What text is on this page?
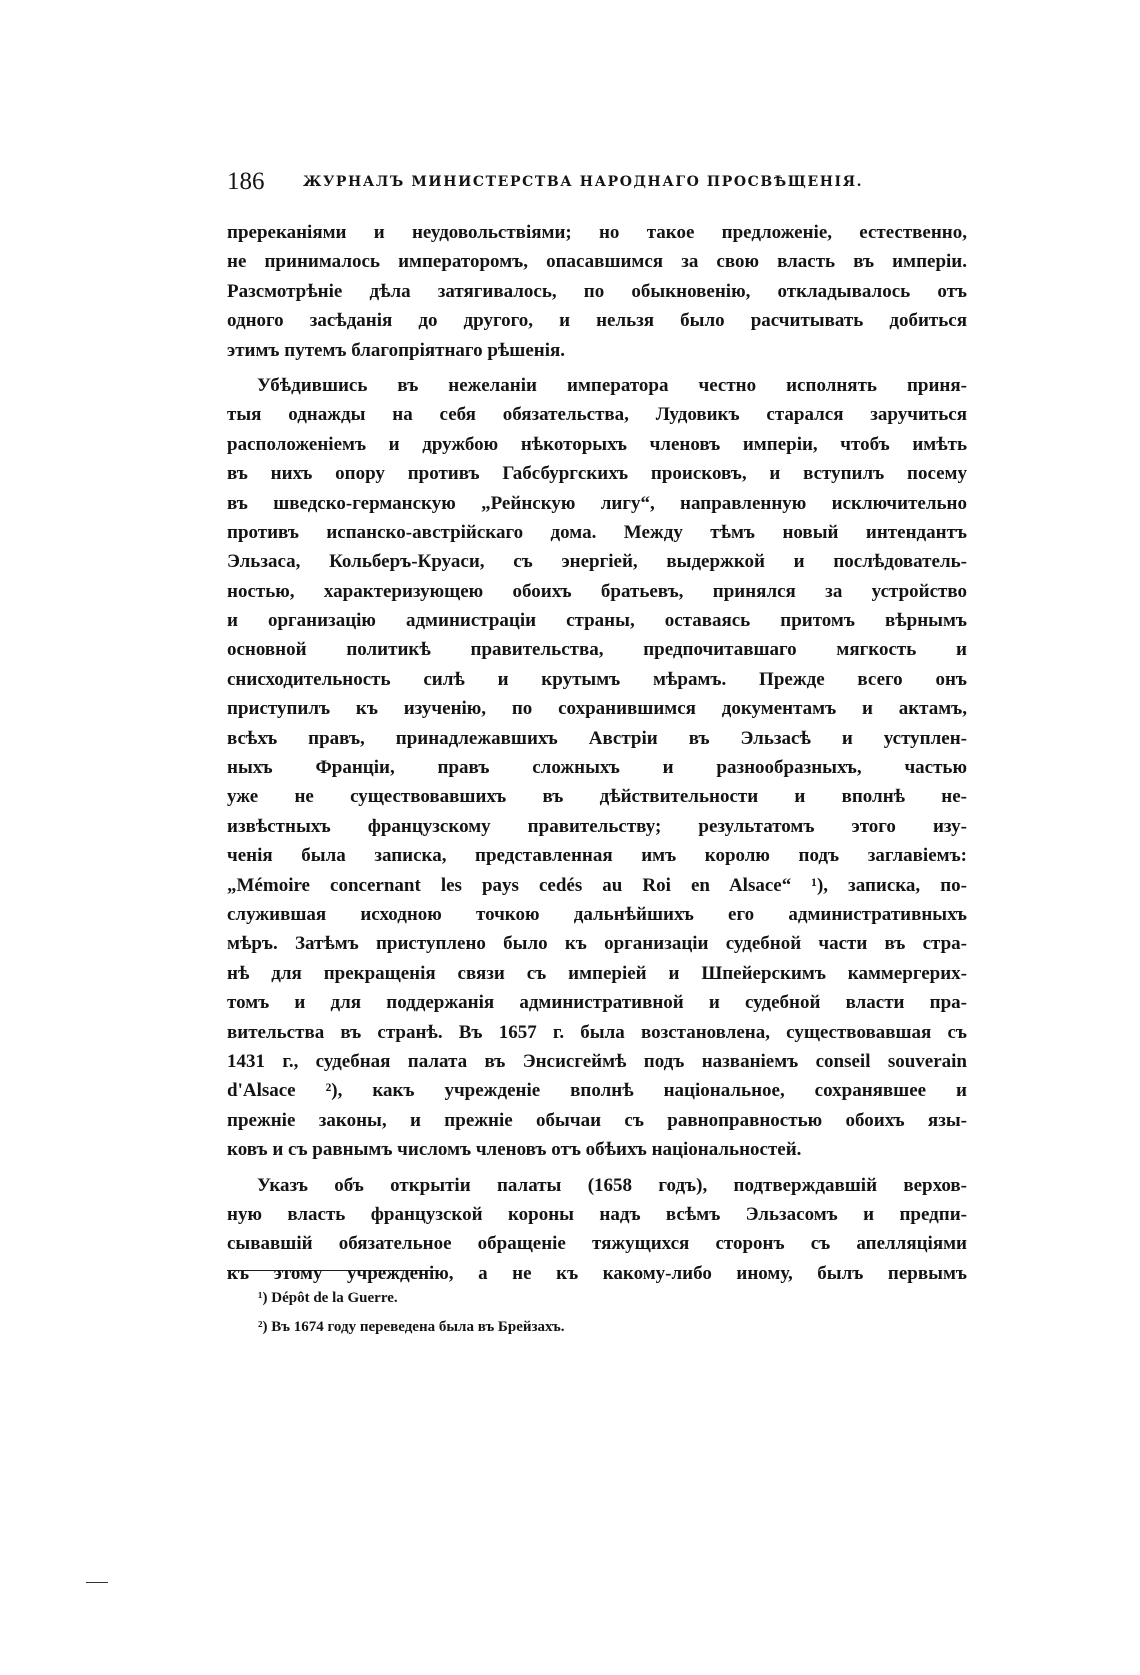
186	ЖУРНАЛЪ МИНИСТЕРСТВА НАРОДНАГО ПРОСВѢЩЕНІЯ.
пререканіями и неудовольствіями; но такое предложеніе, естественно,
не принималось императоромъ, опасавшимся за свою власть въ имперіи.
Разсмотрѣніе дѣла затягивалось, по обыкновенію, откладывалось отъ
одного засѣданія до другого, и нельзя было расчитывать добиться
этимъ путемъ благопріятнаго рѣшенія.
Убѣдившись въ нежеланіи императора честно исполнять приня-
тыя однажды на себя обязательства, Лудовикъ старался заручиться
расположеніемъ и дружбою нѣкоторыхъ членовъ имперіи, чтобъ имѣть
въ нихъ опору противъ Габсбургскихъ происковъ, и вступилъ посему
въ шведско-германскую „Рейнскую лигу“, направленную исключительно
противъ испанско-австрійскаго дома. Между тѣмъ новый интендантъ
Эльзаса, Кольберъ-Круаси, съ энергіей, выдержкой и послѣдователь-
ностью, характеризующею обоихъ братьевъ, принялся за устройство
и организацію администраціи страны, оставаясь притомъ вѣрнымъ
основной политикѣ правительства, предпочитавшаго мягкость и
снисходительность силѣ и крутымъ мѣрамъ. Прежде всего онъ
приступилъ къ изученію, по сохранившимся документамъ и актамъ,
всѣхъ правъ, принадлежавшихъ Австріи въ Эльзасѣ и уступлен-
ныхъ Франціи, правъ сложныхъ и разнообразныхъ, частью
уже не существовавшихъ въ дѣйствительности и вполнѣ не-
извѣстныхъ французскому правительству; результатомъ этого изу-
ченія была записка, представленная имъ королю подъ заглавіемъ:
„Mémoire concernant les pays cedés au Roi en Alsace“ ¹), записка, по-
служившая исходною точкою дальнѣйшихъ его административныхъ
мѣръ. Затѣмъ приступлено было къ организаціи судебной части въ стра-
нѣ для прекращенія связи съ имперіей и Шпейерскимъ каммергерих-
томъ и для поддержанія административной и судебной власти пра-
вительства въ странѣ. Въ 1657 г. была возстановлена, существовавшая съ
1431 г., судебная палата въ Энсисгеймѣ подъ названіемъ conseil souverain
d'Alsace ²), какъ учрежденіе вполнѣ національное, сохранявшее и
прежніе законы, и прежніе обычаи съ равноправностью обоихъ язы-
ковъ и съ равнымъ числомъ членовъ отъ обѣихъ національностей.
Указъ объ открытіи палаты (1658 годъ), подтверждавшій верхов-
ную власть французской короны надъ всѣмъ Эльзасомъ и предпи-
сывавшій обязательное обращеніе тяжущихся сторонъ съ апелляціями
къ этому учрежденію, а не къ какому-либо иному, былъ первымъ
¹) Dépôt de la Guerre.
²) Въ 1674 году переведена была въ Брейзахъ.
